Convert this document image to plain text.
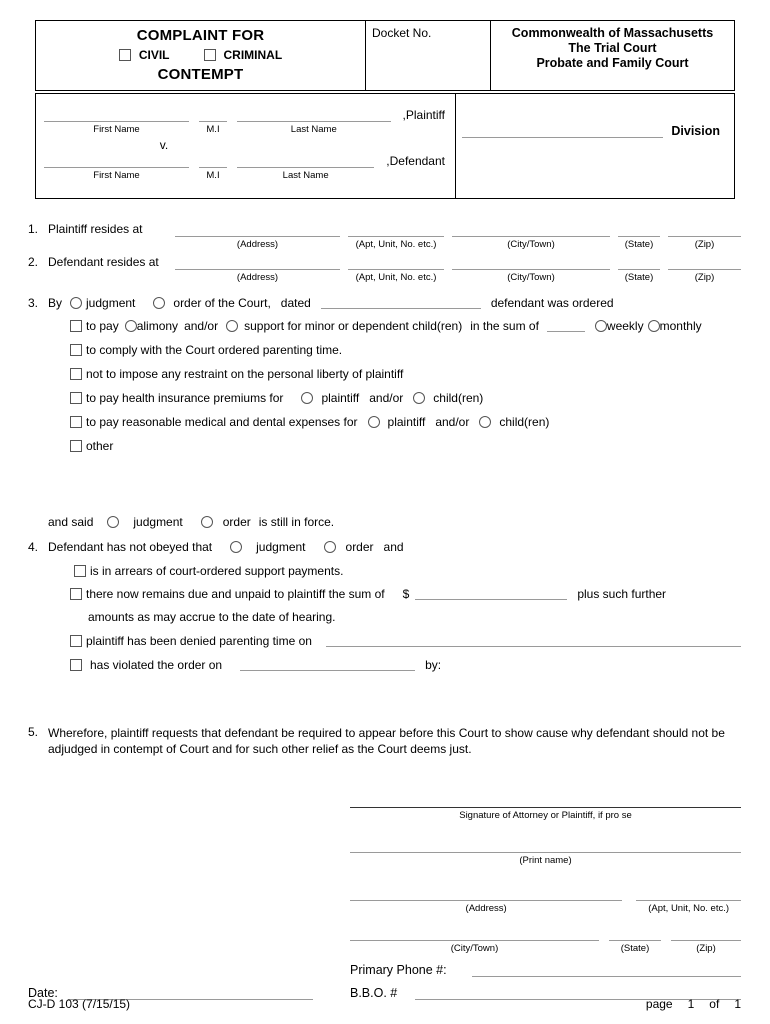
COMPLAINT FOR
CIVIL	CRIMINAL
CONTEMPT
Docket No.	Commonwealth of Massachusetts
The Trial Court
Probate and Family Court
First Name	M.I	Last Name
,Plaintiff
v.
First Name	M.I	Last Name
,Defendant
Division
1. Plaintiff resides at
(Address)	(Apt, Unit, No. etc.)	(City/Town)	(State)	(Zip)
2. Defendant resides at
(Address)	(Apt, Unit, No. etc.)	(City/Town)	(State)	(Zip)
3. By judgment	order of the Court, dated	defendant was ordered
to pay alimony and/or support for minor or dependent child(ren) in the sum of	weekly monthly
to comply with the Court ordered parenting time.
not to impose any restraint on the personal liberty of plaintiff
to pay health insurance premiums for	plaintiff and/or	child(ren)
to pay reasonable medical and dental expenses for	plaintiff and/or	child(ren)
other
and said	judgment	order is still in force.
4. Defendant has not obeyed that	judgment	order and
is in arrears of court-ordered support payments.
there now remains due and unpaid to plaintiff the sum of $	plus such further
amounts as may accrue to the date of hearing.
plaintiff has been denied parenting time on
has violated the order on	by:
5. Wherefore, plaintiff requests that defendant be required to appear before this Court to show cause why defendant should not be adjudged in contempt of Court and for such other relief as the Court deems just.
Date:
Signature of Attorney or Plaintiff, if pro se
(Print name)
(Address)	(Apt, Unit, No. etc.)
(City/Town)	(State)	(Zip)
Primary Phone #:
B.B.O. #
CJ-D 103 (7/15/15)	page 1 of 1
